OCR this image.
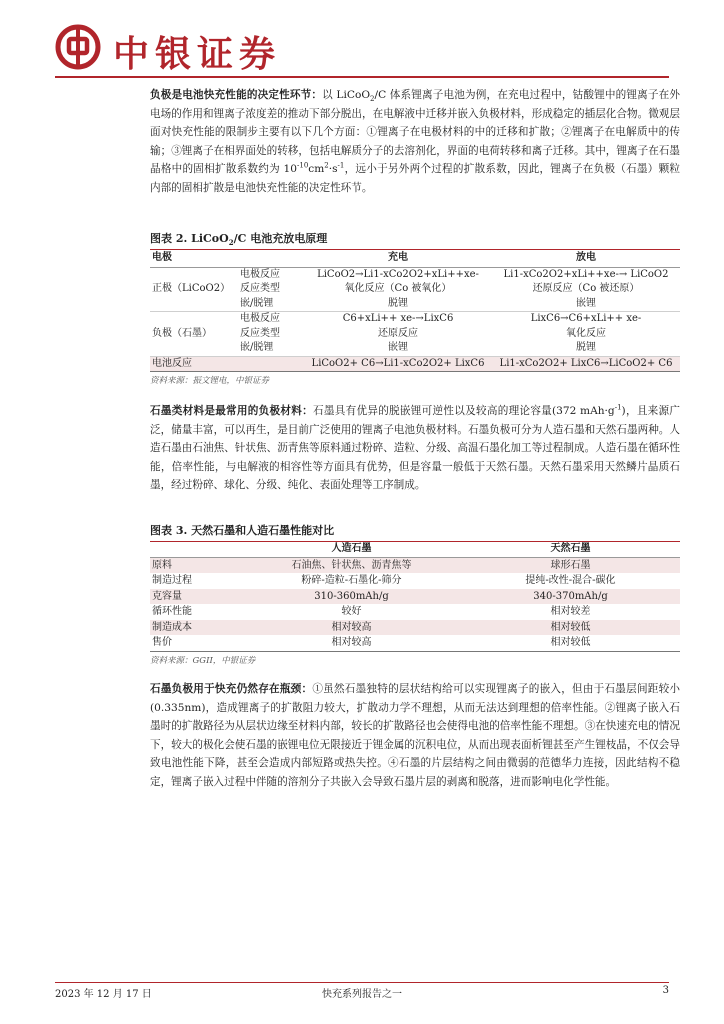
中银证券

负极是电池快充性能的决定性环节：以 LiCoO$_2$/C 体系锂离子电池为例，在充电过程中，钴酸锂中的锂离子在外电场的作用和锂离子浓度差的推动下部分脱出，在电解液中迁移并嵌入负极材料，形成稳定的插层化合物。微观层面对快充性能的限制步主要有以下几个方面：①锂离子在电极材料的中的迁移和扩散；②锂离子在电解质中的传输；③锂离子在相界面处的转移，包括电解质分子的去溶剂化，界面的电荷转移和离子迁移。其中，锂离子在石墨晶格中的固相扩散系数约为 $10^{-10}cm^2\cdot s^{-1}$，远小于另外两个过程的扩散系数，因此，锂离子在负极（石墨）颗粒内部的固相扩散是电池快充性能的决定性环节。

图表 2. LiCoO$_2$/C 电池充放电原理

电极		充电	放电
正极（LiCoO2）	电极反应	LiCoO2→Li1-xCo2O2+xLi++xe-	Li1-xCo2O2+xLi++xe-→ LiCoO2
	反应类型	氧化反应（Co 被氧化）	还原反应（Co 被还原）
	嵌/脱锂	脱锂	嵌锂
负极（石墨）	电极反应	C6+xLi++ xe-→LixC6	LixC6→C6+xLi++ xe-
	反应类型	还原反应	氧化反应
	嵌/脱锂	嵌锂	脱锂
电池反应		LiCoO2+ C6→Li1-xCo2O2+ LixC6	Li1-xCo2O2+ LixC6→LiCoO2+ C6

资料来源：振文锂电，中银证券

石墨类材料是最常用的负极材料：石墨具有优异的脱嵌锂可逆性以及较高的理论容量(372 $mAh\cdot g^{-1}$)，且来源广泛，储量丰富，可以再生，是目前广泛使用的锂离子电池负极材料。石墨负极可分为人造石墨和天然石墨两种。人造石墨由石油焦、针状焦、沥青焦等原料通过粉碎、造粒、分级、高温石墨化加工等过程制成。人造石墨在循环性能，倍率性能，与电解液的相容性等方面具有优势，但是容量一般低于天然石墨。天然石墨采用天然鳞片晶质石墨，经过粉碎、球化、分级、纯化、表面处理等工序制成。

图表 3. 天然石墨和人造石墨性能对比

	人造石墨	天然石墨
原料	石油焦、针状焦、沥青焦等	球形石墨
制造过程	粉碎-造粒-石墨化-筛分	提纯-改性-混合-碳化
克容量	310-360mAh/g	340-370mAh/g
循环性能	较好	相对较差
制造成本	相对较高	相对较低
售价	相对较高	相对较低

资料来源：GGII，中银证券

石墨负极用于快充仍然存在瓶颈：①虽然石墨独特的层状结构给可以实现锂离子的嵌入，但由于石墨层间距较小(0.335nm)，造成锂离子的扩散阻力较大，扩散动力学不理想，从而无法达到理想的倍率性能。②锂离子嵌入石墨时的扩散路径为从层状边缘至材料内部，较长的扩散路径也会使得电池的倍率性能不理想。③在快速充电的情况下，较大的极化会使石墨的嵌锂电位无限接近于锂金属的沉积电位，从而出现表面析锂甚至产生锂枝晶，不仅会导致电池性能下降，甚至会造成内部短路或热失控。④石墨的片层结构之间由微弱的范德华力连接，因此结构不稳定，锂离子嵌入过程中伴随的溶剂分子共嵌入会导致石墨片层的剥离和脱落，进而影响电化学性能。

2023 年 12 月 17 日	快充系列报告之一	3
